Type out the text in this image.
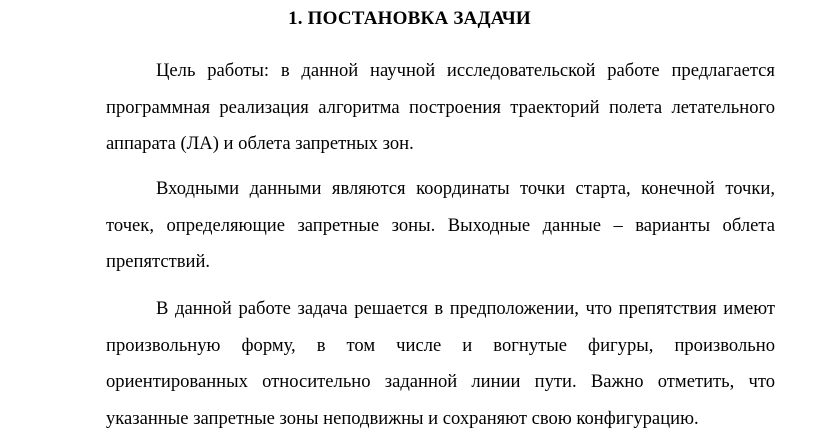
1. ПОСТАНОВКА ЗАДАЧИ

Цель работы: в данной научной исследовательской работе предлагается программная реализация алгоритма построения траекторий полета летательного аппарата (ЛА) и облета запретных зон.

Входными данными являются координаты точки старта, конечной точки, точек, определяющие запретные зоны. Выходные данные – варианты облета препятствий.

В данной работе задача решается в предположении, что препятствия имеют произвольную форму, в том числе и вогнутые фигуры, произвольно ориентированных относительно заданной линии пути. Важно отметить, что указанные запретные зоны неподвижны и сохраняют свою конфигурацию.
